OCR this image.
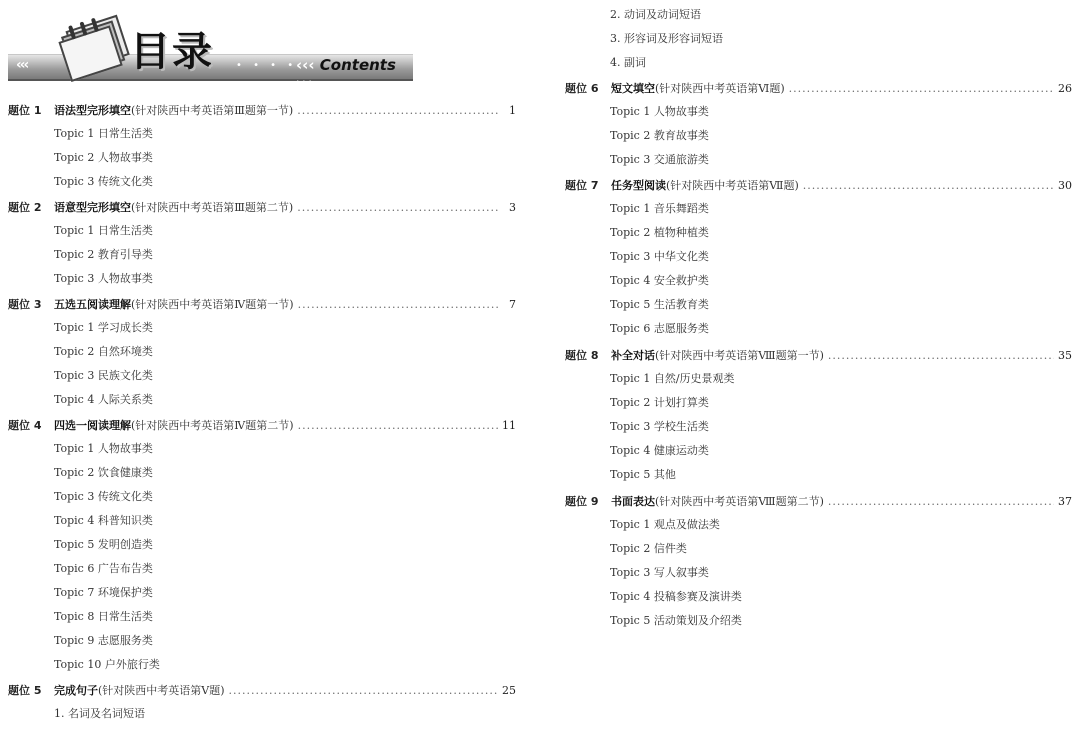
‹‹‹	目录 • • • •
‹‹‹ Contents ›››
题位 1	语法型完形填空 (针对陕西中考英语第Ⅲ题第一节) .....	1
Topic 1 日常生活类
Topic 2 人物故事类
Topic 3 传统文化类
题位 2	语意型完形填空 (针对陕西中考英语第Ⅲ题第二节) .....	3
Topic 1 日常生活类
Topic 2 教育引导类
Topic 3 人物故事类
题位 3	五选五阅读理解 (针对陕西中考英语第Ⅳ题第一节) .....	7
Topic 1 学习成长类
Topic 2 自然环境类
Topic 3 民族文化类
Topic 4 人际关系类
题位 4	四选一阅读理解 (针对陕西中考英语第Ⅳ题第二节) .....	11
Topic 1 人物故事类
Topic 2 饮食健康类
Topic 3 传统文化类
Topic 4 科普知识类
Topic 5 发明创造类
Topic 6 广告布告类
Topic 7 环境保护类
Topic 8 日常生活类
Topic 9 志愿服务类
Topic 10 户外旅行类
题位 5	完成句子 (针对陕西中考英语第Ⅴ题) .....	25
1. 名词及名词短语
2. 动词及动词短语
3. 形容词及形容词短语
4. 副词
题位 6	短文填空 (针对陕西中考英语第Ⅵ题) .....	26
Topic 1 人物故事类
Topic 2 教育故事类
Topic 3 交通旅游类
题位 7	任务型阅读 (针对陕西中考英语第Ⅶ题) .....	30
Topic 1 音乐舞蹈类
Topic 2 植物种植类
Topic 3 中华文化类
Topic 4 安全救护类
Topic 5 生活教育类
Topic 6 志愿服务类
题位 8	补全对话 (针对陕西中考英语第Ⅷ题第一节) .....	35
Topic 1 自然/历史景观类
Topic 2 计划打算类
Topic 3 学校生活类
Topic 4 健康运动类
Topic 5 其他
题位 9	书面表达 (针对陕西中考英语第Ⅷ题第二节) .....	37
Topic 1 观点及做法类
Topic 2 信件类
Topic 3 写人叙事类
Topic 4 投稿参赛及演讲类
Topic 5 活动策划及介绍类
